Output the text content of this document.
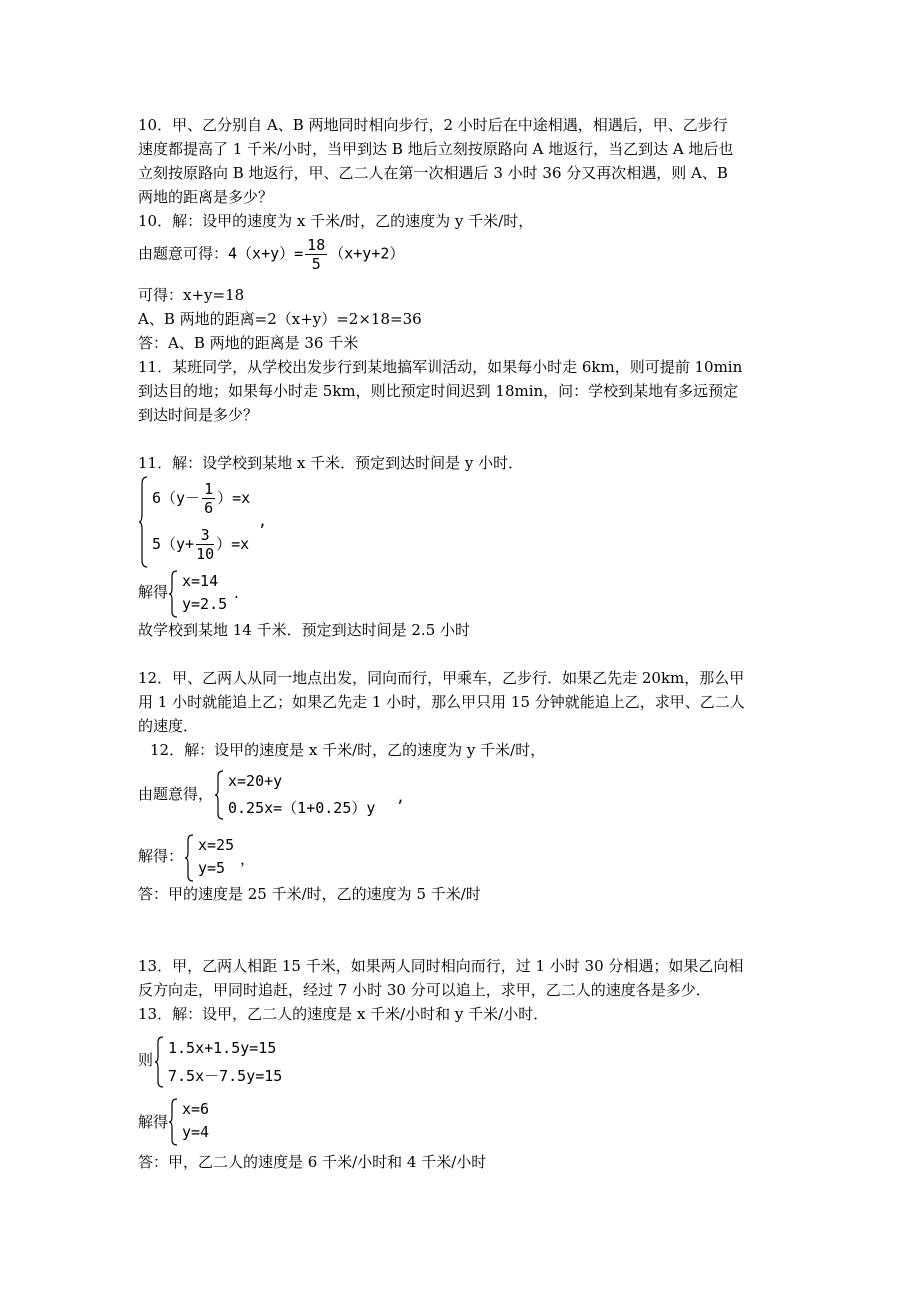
10．甲、乙分别自 A、B 两地同时相向步行，2 小时后在中途相遇，相遇后，甲、乙步行
速度都提高了 1 千米/小时，当甲到达 B 地后立刻按原路向 A 地返行，当乙到达 A 地后也
立刻按原路向 B 地返行，甲、乙二人在第一次相遇后 3 小时 36 分又再次相遇，则 A、B
两地的距离是多少？
10．解：设甲的速度为 x 千米/时，乙的速度为 y 千米/时，
由题意可得：$4(x+y)= \frac{18}{5} (x+y+2)$
可得：x+y=18
A、B 两地的距离=2（x+y）=2×18=36
答：A、B 两地的距离是 36 千米
11．某班同学，从学校出发步行到某地搞军训活动，如果每小时走 6km，则可提前 10min
到达目的地；如果每小时走 5km，则比预定时间迟到 18min，问：学校到某地有多远预定
到达时间是多少？
11．解：设学校到某地 x 千米．预定到达时间是 y 小时．
$6(y- \frac{1}{6} )=x$
$5(y+ \frac{3}{10} )=x$
,
解得
x=14
y=2.5
.
故学校到某地 14 千米．预定到达时间是 2.5 小时
12．甲、乙两人从同一地点出发，同向而行，甲乘车，乙步行．如果乙先走 20km，那么甲
用 1 小时就能追上乙；如果乙先走 1 小时，那么甲只用 15 分钟就能追上乙，求甲、乙二人
的速度．
12．解：设甲的速度是 x 千米/时，乙的速度为 y 千米/时，
由题意得，
x=20+y
0.25x=（1+0.25）y
,
解得：
x=25
y=5 ，
答：甲的速度是 25 千米/时，乙的速度为 5 千米/时
13．甲，乙两人相距 15 千米，如果两人同时相向而行，过 1 小时 30 分相遇；如果乙向相
反方向走，甲同时追赶，经过 7 小时 30 分可以追上，求甲，乙二人的速度各是多少．
13．解：设甲，乙二人的速度是 x 千米/小时和 y 千米/小时．
则
1.5x+1.5y=15
7.5x－7.5y=15
解得
x=6
y=4
答：甲，乙二人的速度是 6 千米/小时和 4 千米/小时
